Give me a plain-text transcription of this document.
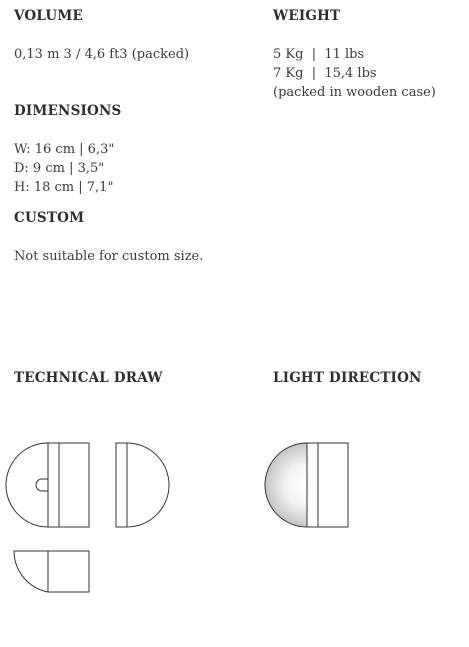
VOLUME
0,13 m 3 / 4,6 ft3 (packed)
WEIGHT
5 Kg  |  11 lbs
7 Kg  |  15,4 lbs
(packed in wooden case)
DIMENSIONS
W: 16 cm | 6,3"
D: 9 cm | 3,5"
H: 18 cm | 7,1"
CUSTOM
Not suitable for custom size.
TECHNICAL DRAW	LIGHT DIRECTION
